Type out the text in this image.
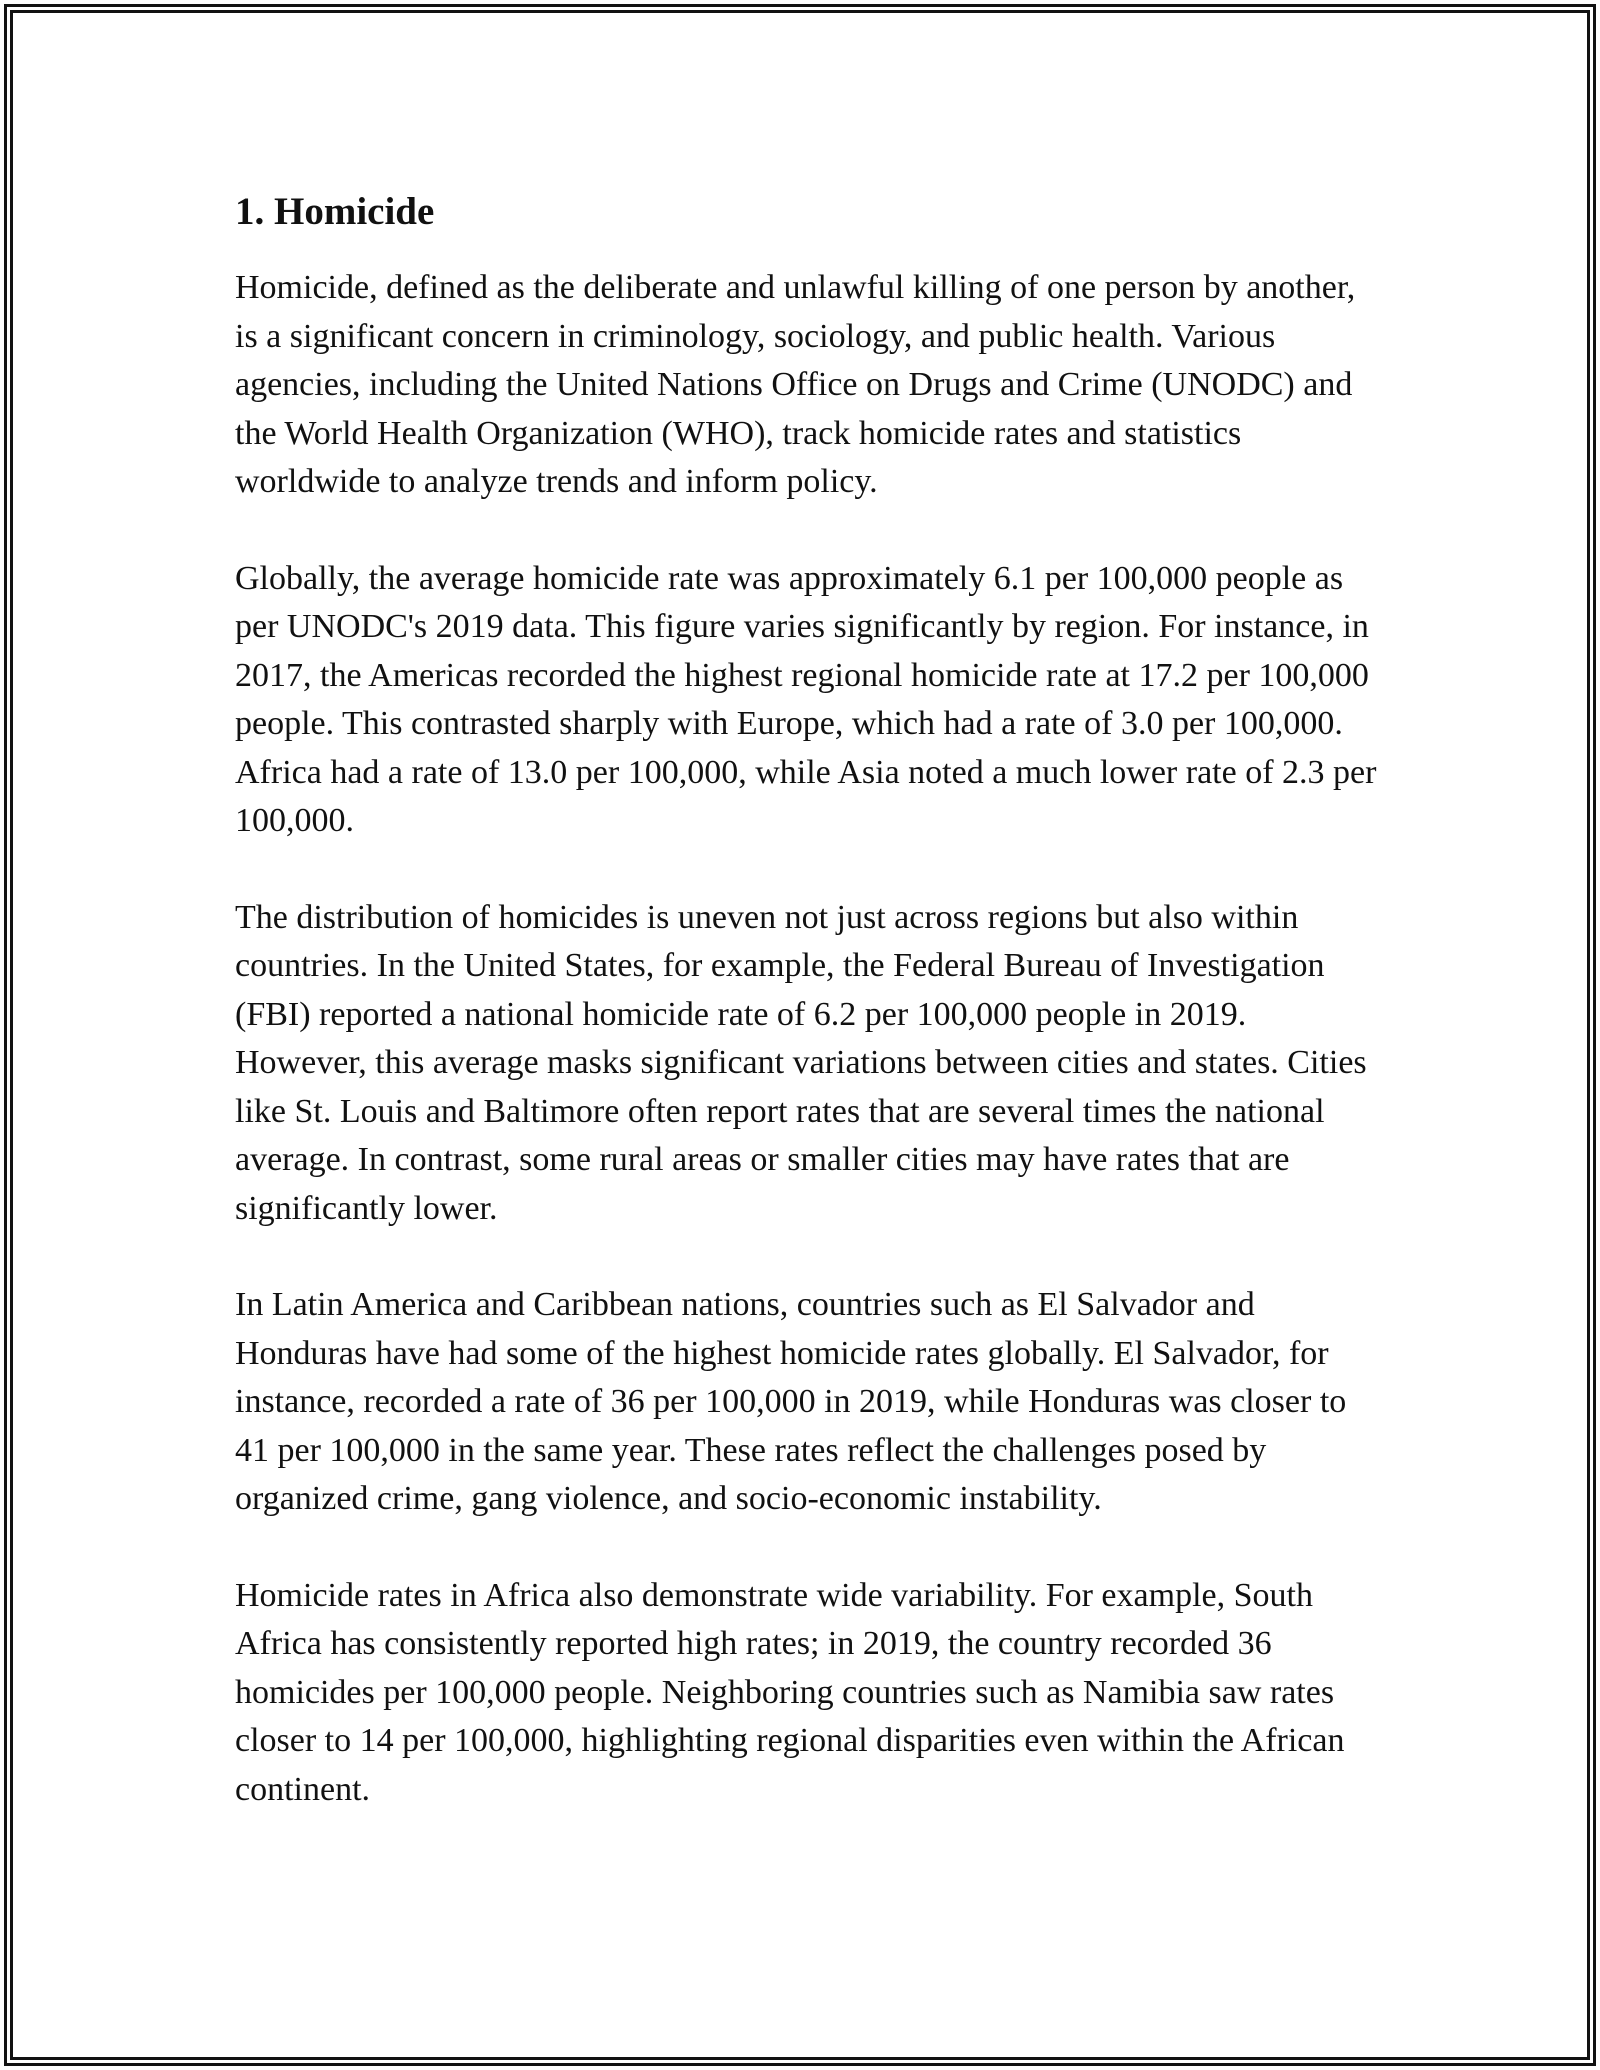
1. Homicide

Homicide, defined as the deliberate and unlawful killing of one person by another, is a significant concern in criminology, sociology, and public health. Various agencies, including the United Nations Office on Drugs and Crime (UNODC) and the World Health Organization (WHO), track homicide rates and statistics worldwide to analyze trends and inform policy.

Globally, the average homicide rate was approximately 6.1 per 100,000 people as per UNODC's 2019 data. This figure varies significantly by region. For instance, in 2017, the Americas recorded the highest regional homicide rate at 17.2 per 100,000 people. This contrasted sharply with Europe, which had a rate of 3.0 per 100,000. Africa had a rate of 13.0 per 100,000, while Asia noted a much lower rate of 2.3 per 100,000.

The distribution of homicides is uneven not just across regions but also within countries. In the United States, for example, the Federal Bureau of Investigation (FBI) reported a national homicide rate of 6.2 per 100,000 people in 2019. However, this average masks significant variations between cities and states. Cities like St. Louis and Baltimore often report rates that are several times the national average. In contrast, some rural areas or smaller cities may have rates that are significantly lower.

In Latin America and Caribbean nations, countries such as El Salvador and Honduras have had some of the highest homicide rates globally. El Salvador, for instance, recorded a rate of 36 per 100,000 in 2019, while Honduras was closer to 41 per 100,000 in the same year. These rates reflect the challenges posed by organized crime, gang violence, and socio-economic instability.

Homicide rates in Africa also demonstrate wide variability. For example, South Africa has consistently reported high rates; in 2019, the country recorded 36 homicides per 100,000 people. Neighboring countries such as Namibia saw rates closer to 14 per 100,000, highlighting regional disparities even within the African continent.
